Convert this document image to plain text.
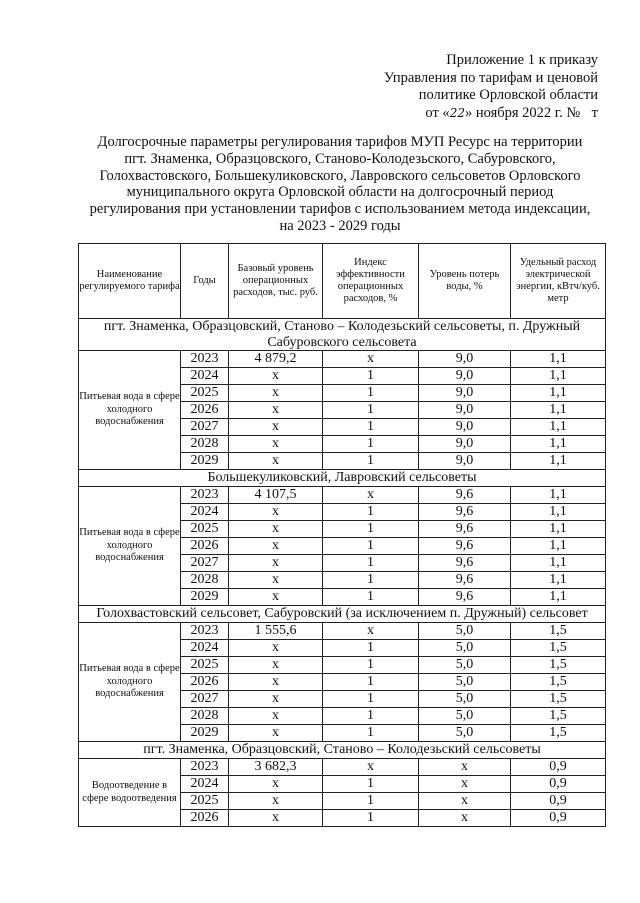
Приложение 1 к приказу
Управления по тарифам и ценовой
политике Орловской области
от «22» ноября 2022 г. № т
Долгосрочные параметры регулирования тарифов МУП Ресурс на территории
пгт. Знаменка, Образцовского, Станово-Колодезьского, Сабуровского,
Голохвастовского, Большекуликовского, Лавровского сельсоветов Орловского
муниципального округа Орловской области на долгосрочный период
регулирования при установлении тарифов с использованием метода индексации,
на 2023 - 2029 годы
Наименование регулируемого тарифа	Годы	Базовый уровень операционных расходов, тыс. руб.	Индекс эффективности операционных расходов, %	Уровень потерь воды, %	Удельный расход электрической энергии, кВтч/куб. метр
пгт. Знаменка, Образцовский, Станово – Колодезьский сельсоветы, п. Дружный Сабуровского сельсовета					
Питьевая вода в сфере холодного водоснабжения	2023	4 879,2	х	9,0	1,1
	2024	х	1	9,0	1,1
	2025	х	1	9,0	1,1
	2026	х	1	9,0	1,1
	2027	х	1	9,0	1,1
	2028	х	1	9,0	1,1
	2029	х	1	9,0	1,1
Большекуликовский, Лавровский сельсоветы					
Питьевая вода в сфере холодного водоснабжения	2023	4 107,5	х	9,6	1,1
	2024	х	1	9,6	1,1
	2025	х	1	9,6	1,1
	2026	х	1	9,6	1,1
	2027	х	1	9,6	1,1
	2028	х	1	9,6	1,1
	2029	х	1	9,6	1,1
Голохвастовский сельсовет, Сабуровский (за исключением п. Дружный) сельсовет					
Питьевая вода в сфере холодного водоснабжения	2023	1 555,6	х	5,0	1,5
	2024	х	1	5,0	1,5
	2025	х	1	5,0	1,5
	2026	х	1	5,0	1,5
	2027	х	1	5,0	1,5
	2028	х	1	5,0	1,5
	2029	х	1	5,0	1,5
пгт. Знаменка, Образцовский, Станово – Колодезьский сельсоветы					
Водоотведение в сфере водоотведения	2023	3 682,3	х	х	0,9
	2024	х	1	х	0,9
	2025	х	1	х	0,9
	2026	х	1	х	0,9
